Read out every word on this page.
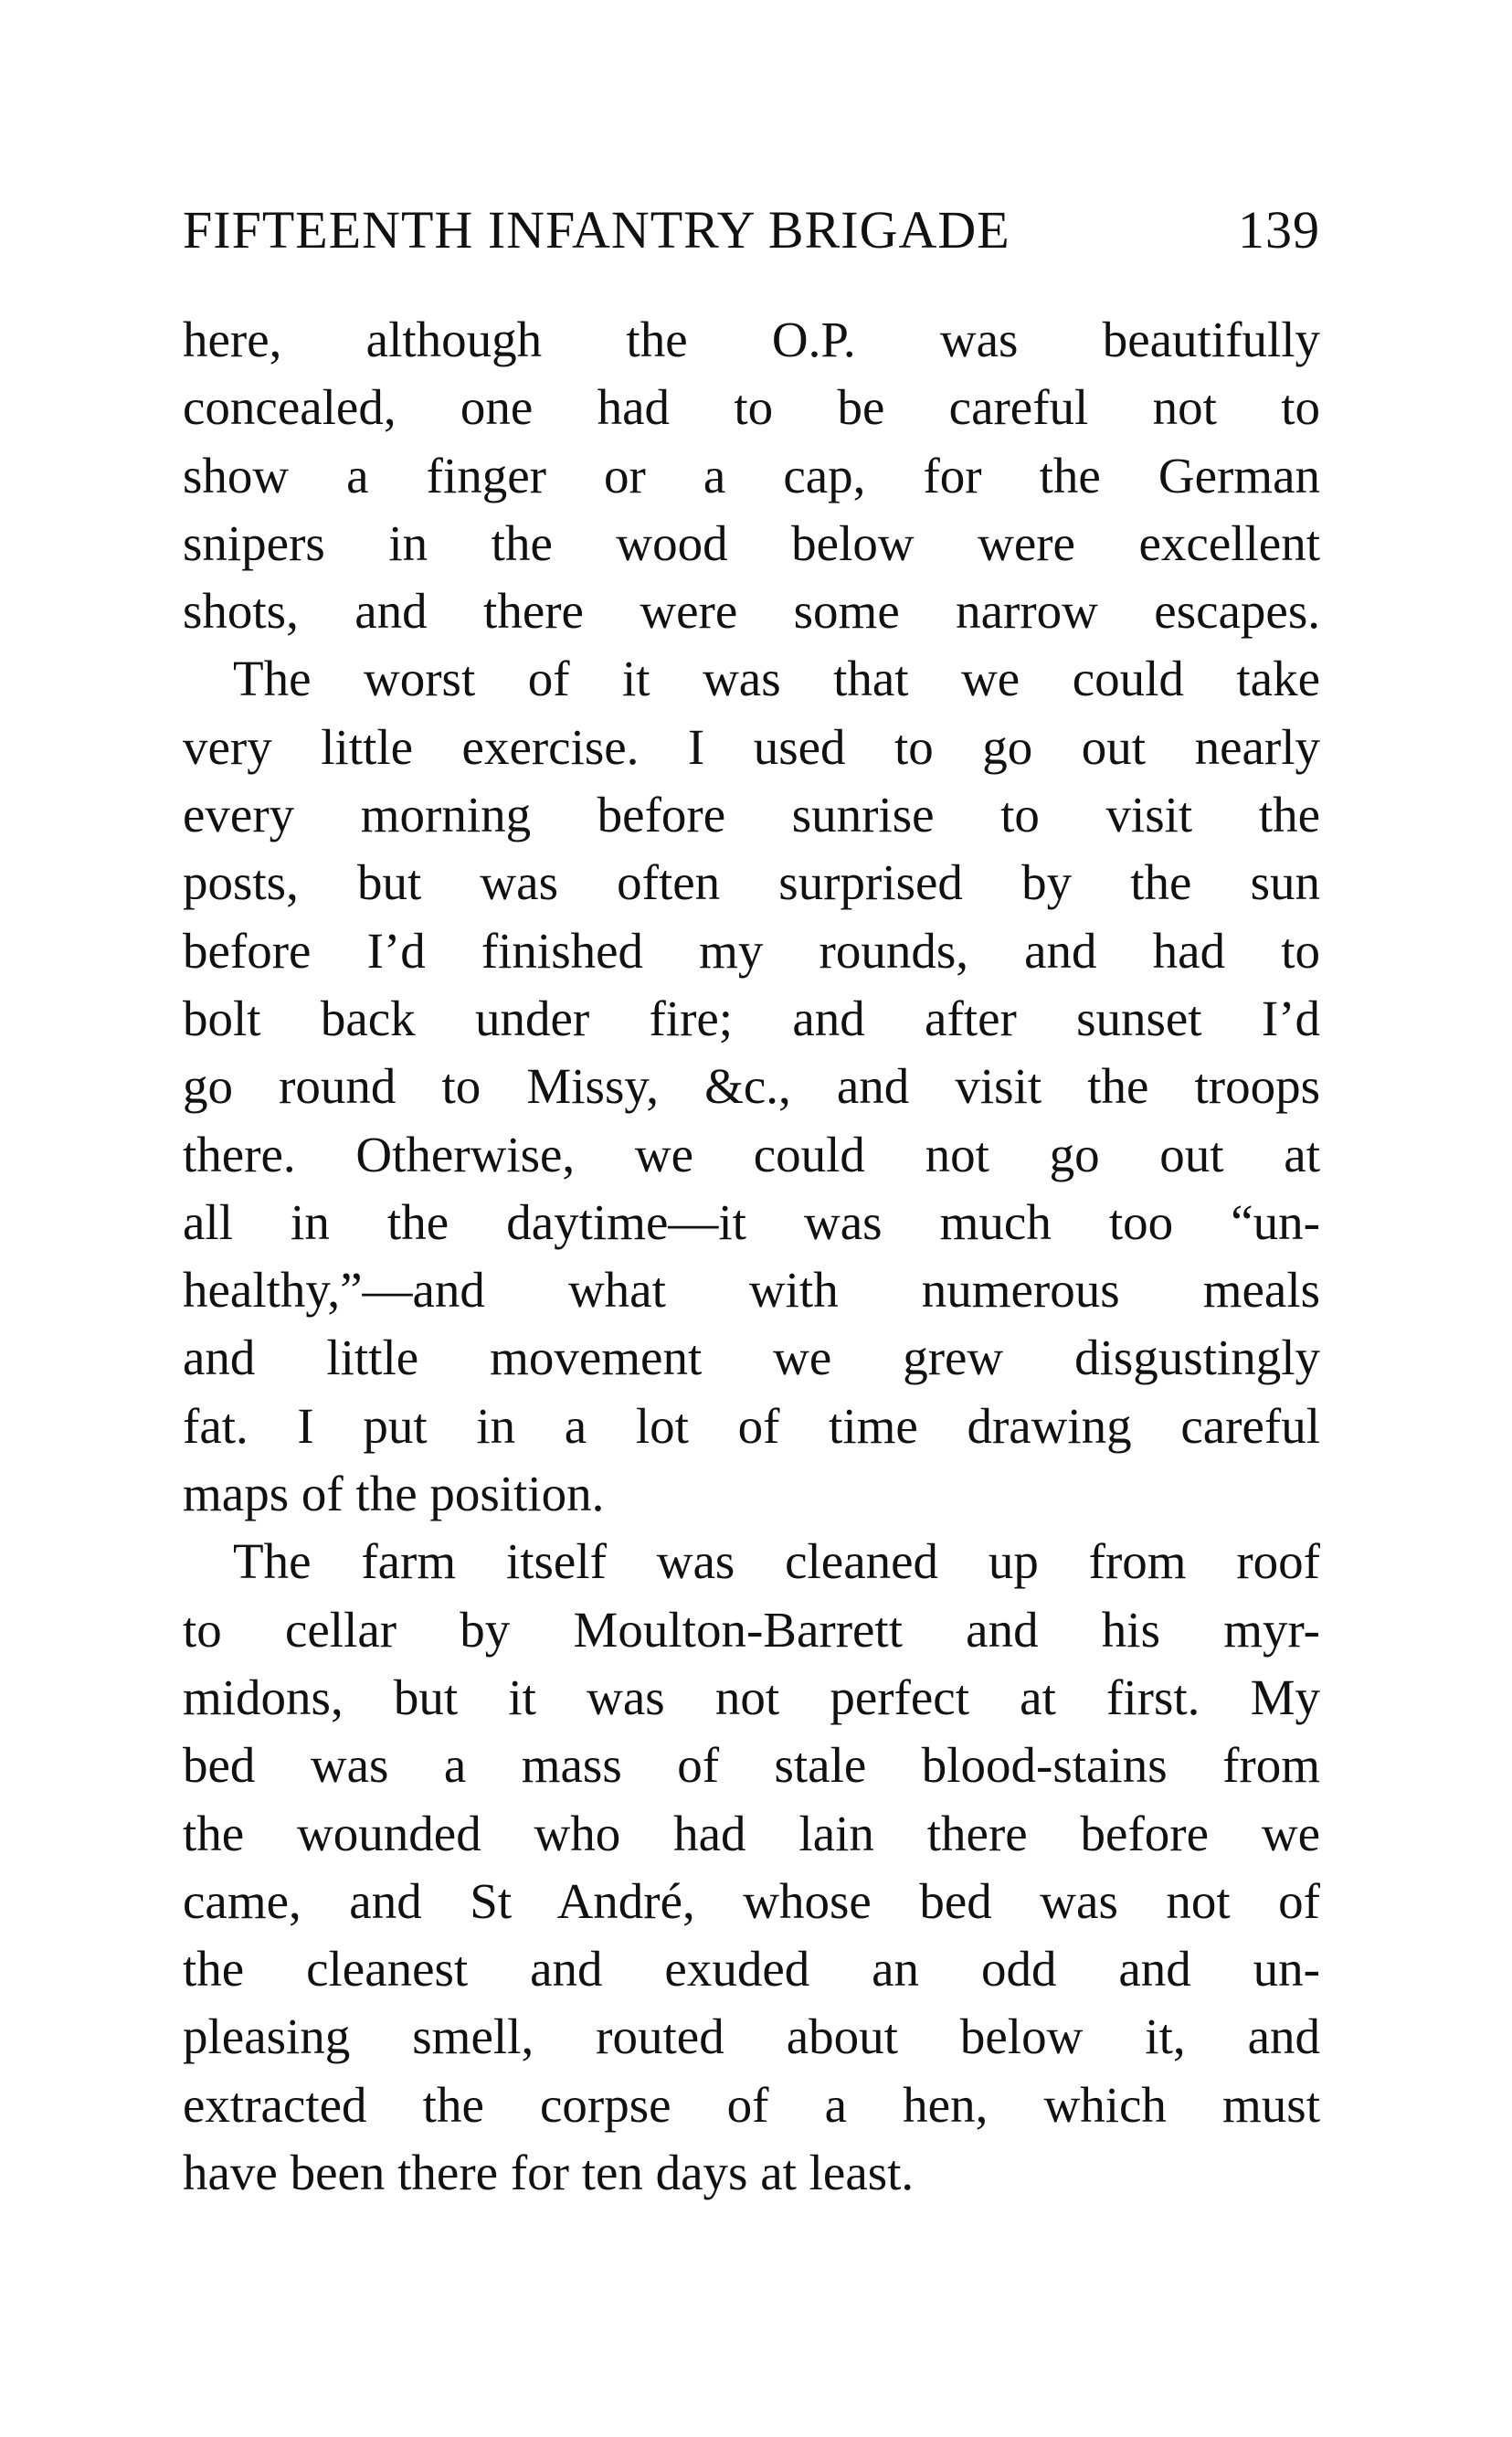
FIFTEENTH INFANTRY BRIGADE	139
here, although the O.P. was beautifully
concealed, one had to be careful not to
show a finger or a cap, for the German
snipers in the wood below were excellent
shots, and there were some narrow escapes.
The worst of it was that we could take
very little exercise. I used to go out nearly
every morning before sunrise to visit the
posts, but was often surprised by the sun
before I’d finished my rounds, and had to
bolt back under fire; and after sunset I’d
go round to Missy, &c., and visit the troops
there. Otherwise, we could not go out at
all in the daytime—it was much too “un-
healthy,”—and what with numerous meals
and little movement we grew disgustingly
fat. I put in a lot of time drawing careful
maps of the position.
The farm itself was cleaned up from roof
to cellar by Moulton-Barrett and his myr-
midons, but it was not perfect at first. My
bed was a mass of stale blood-stains from
the wounded who had lain there before we
came, and St André, whose bed was not of
the cleanest and exuded an odd and un-
pleasing smell, routed about below it, and
extracted the corpse of a hen, which must
have been there for ten days at least.
